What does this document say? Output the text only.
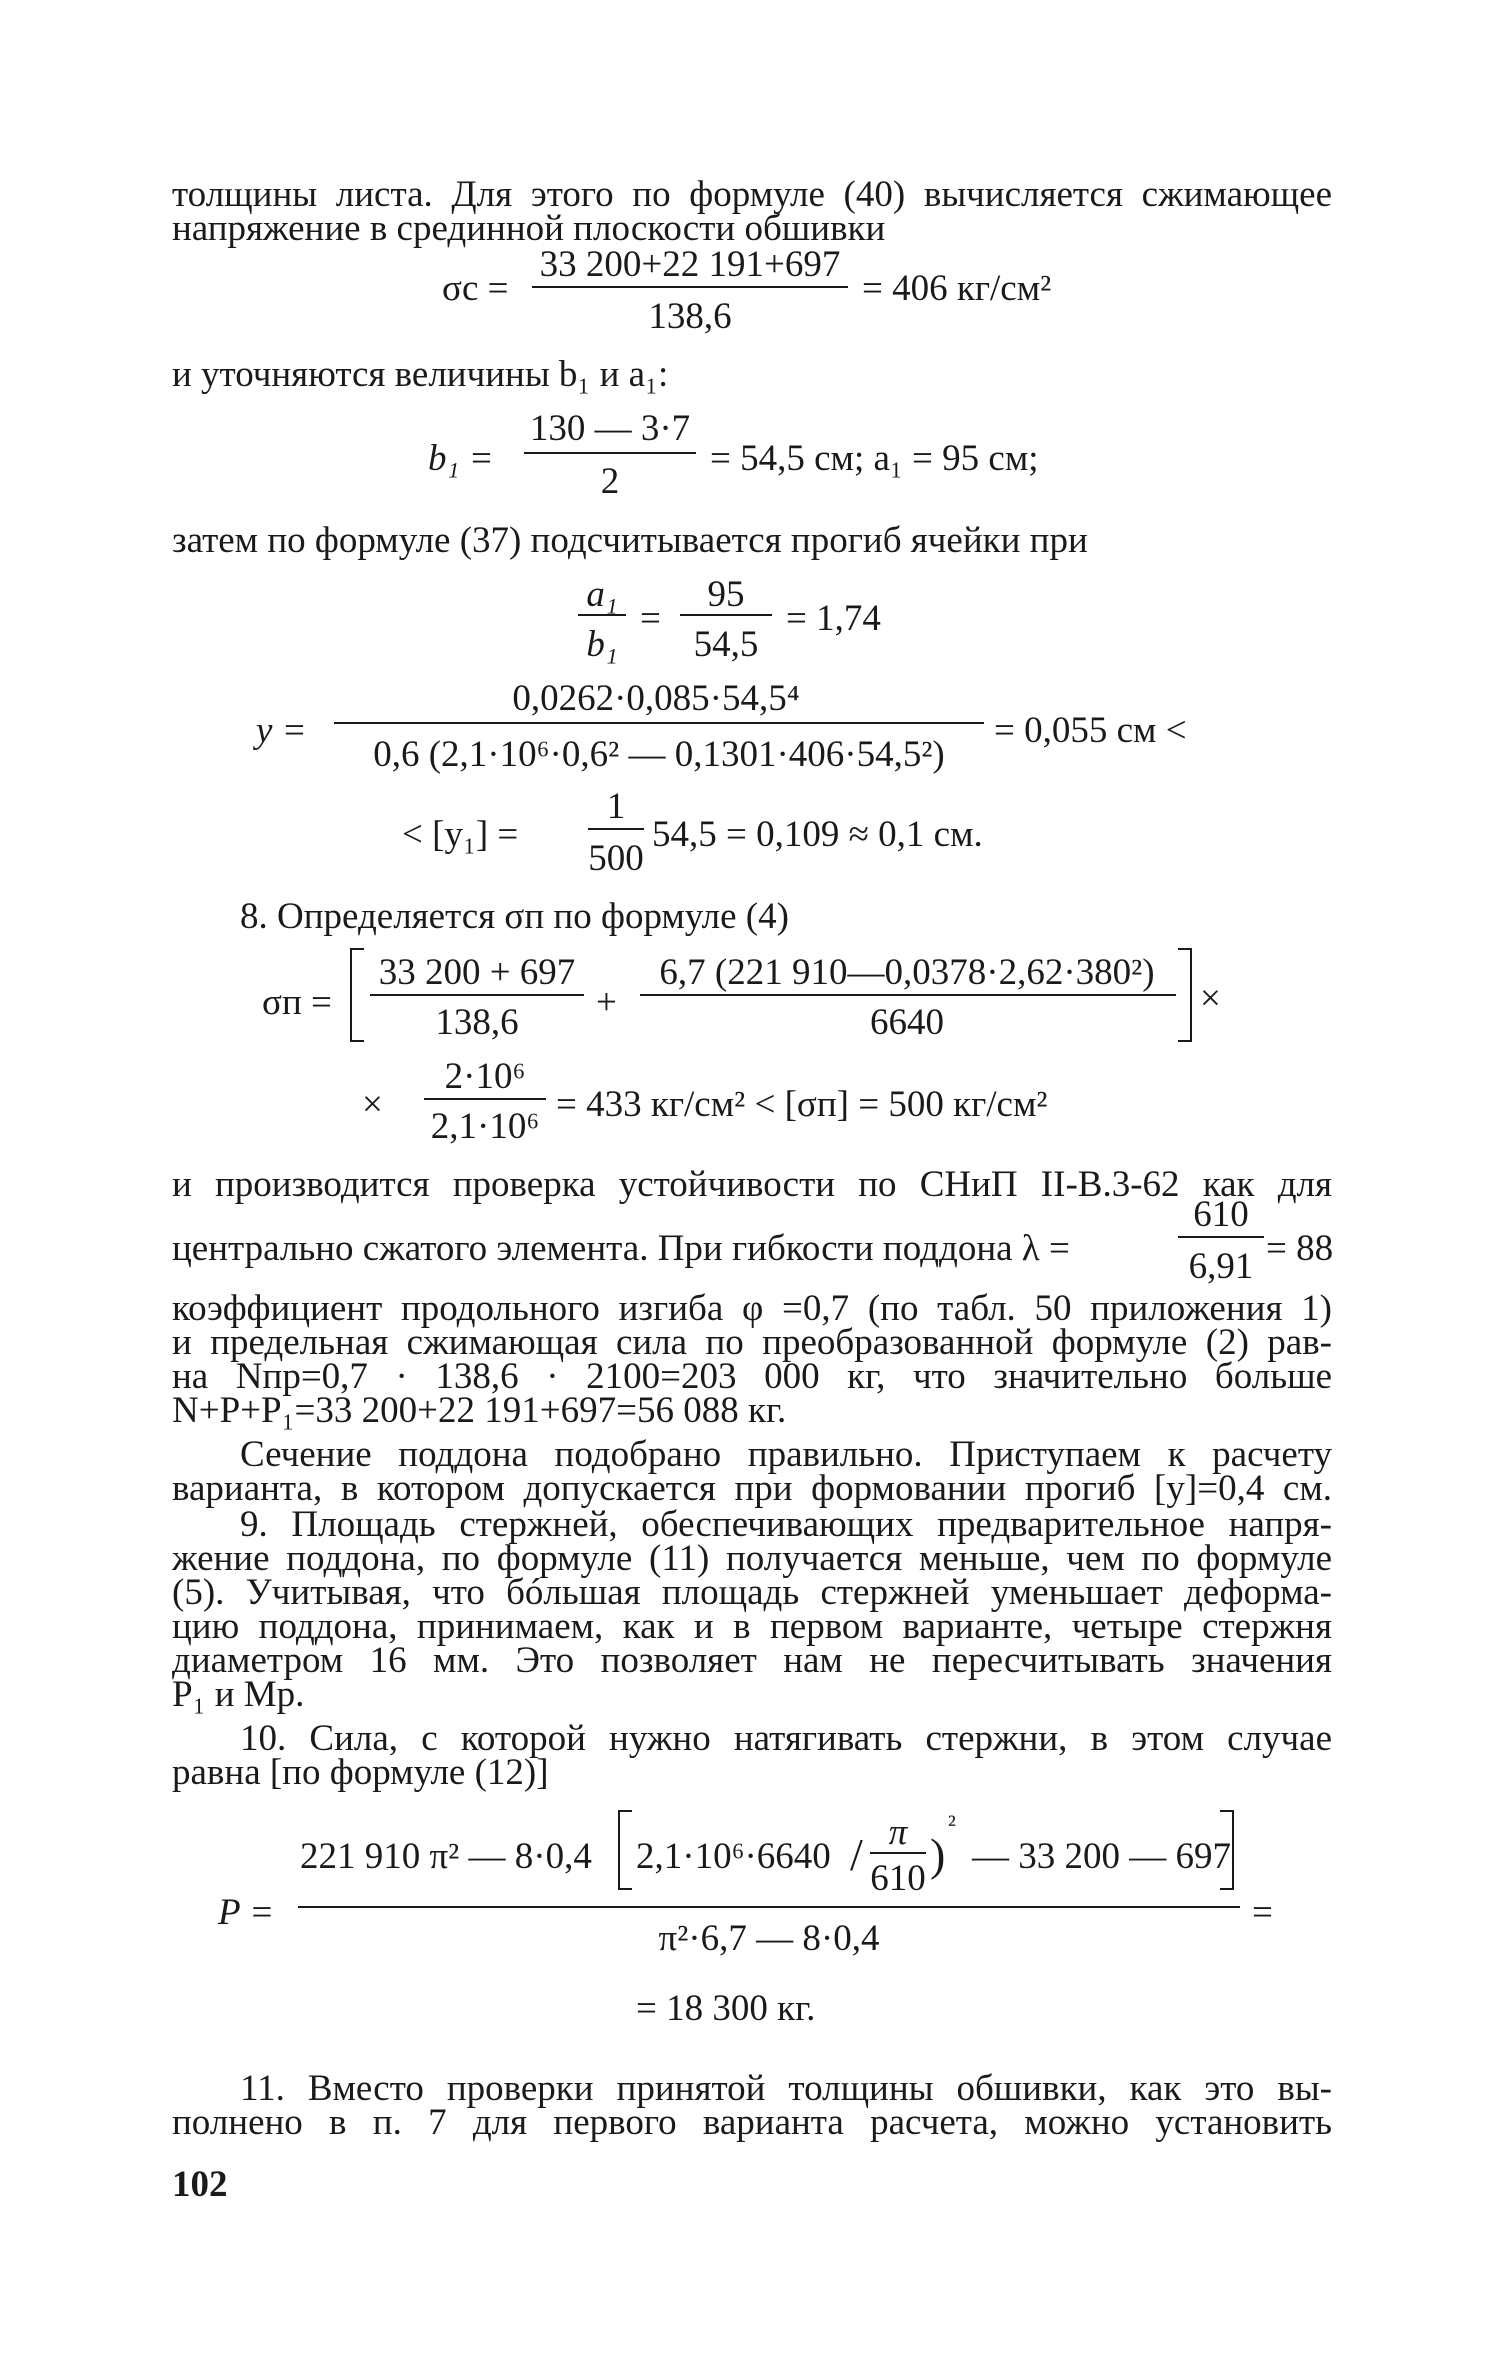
толщины листа. Для этого по формуле (40) вычисляется сжимающее
напряжение в срединной плоскости обшивки
σc =
33 200+22 191+697
138,6
= 406 кг/см²
и уточняются величины b₁ и a₁:
b₁ =
130 — 3·7
2
= 54,5 см; a₁ = 95 см;
затем по формуле (37) подсчитывается прогиб ячейки при
a₁
b₁
=
95
54,5
= 1,74
y =
0,0262·0,085·54,5⁴
0,6 (2,1·10⁶·0,6² — 0,1301·406·54,5²)
= 0,055 см <
< [y₁] =
1
500
54,5 = 0,109 ≈ 0,1 см.
8. Определяется σп по формуле (4)
σп =
33 200 + 697
138,6	+
6,7 (221 910—0,0378·2,62·380²)
6640
×
×
2·10⁶
2,1·10⁶
= 433 кг/см² < [σп] = 500 кг/см²
и производится проверка устойчивости по СНиП II-В.3-62 как для
центрально сжатого элемента. При гибкости поддона λ =
610
6,91 = 88
коэффициент продольного изгиба φ =0,7 (по табл. 50 приложения 1)
и предельная сжимающая сила по преобразованной формуле (2) рав-
на Nпр=0,7 · 138,6 · 2100=203 000 кг, что значительно больше
N+P+P₁=33 200+22 191+697=56 088 кг.
Сечение поддона подобрано правильно. Приступаем к расчету
варианта, в котором допускается при формовании прогиб [y]=0,4 см.
9. Площадь стержней, обеспечивающих предварительное напря-
жение поддона, по формуле (11) получается меньше, чем по формуле
(5). Учитывая, что бóльшая площадь стержней уменьшает деформа-
цию поддона, принимаем, как и в первом варианте, четыре стержня
диаметром 16 мм. Это позволяет нам не пересчитывать значения
P₁ и Mр.
10. Сила, с которой нужно натягивать стержни, в этом случае
равна [по формуле (12)]
P =
221 910 π² — 8·0,4 2,1·10⁶·6640 / π
610 )
²
— 33 200 — 697
π²·6,7 — 8·0,4
=
= 18 300 кг.
11. Вместо проверки принятой толщины обшивки, как это вы-
полнено в п. 7 для первого варианта расчета, можно установить
102
